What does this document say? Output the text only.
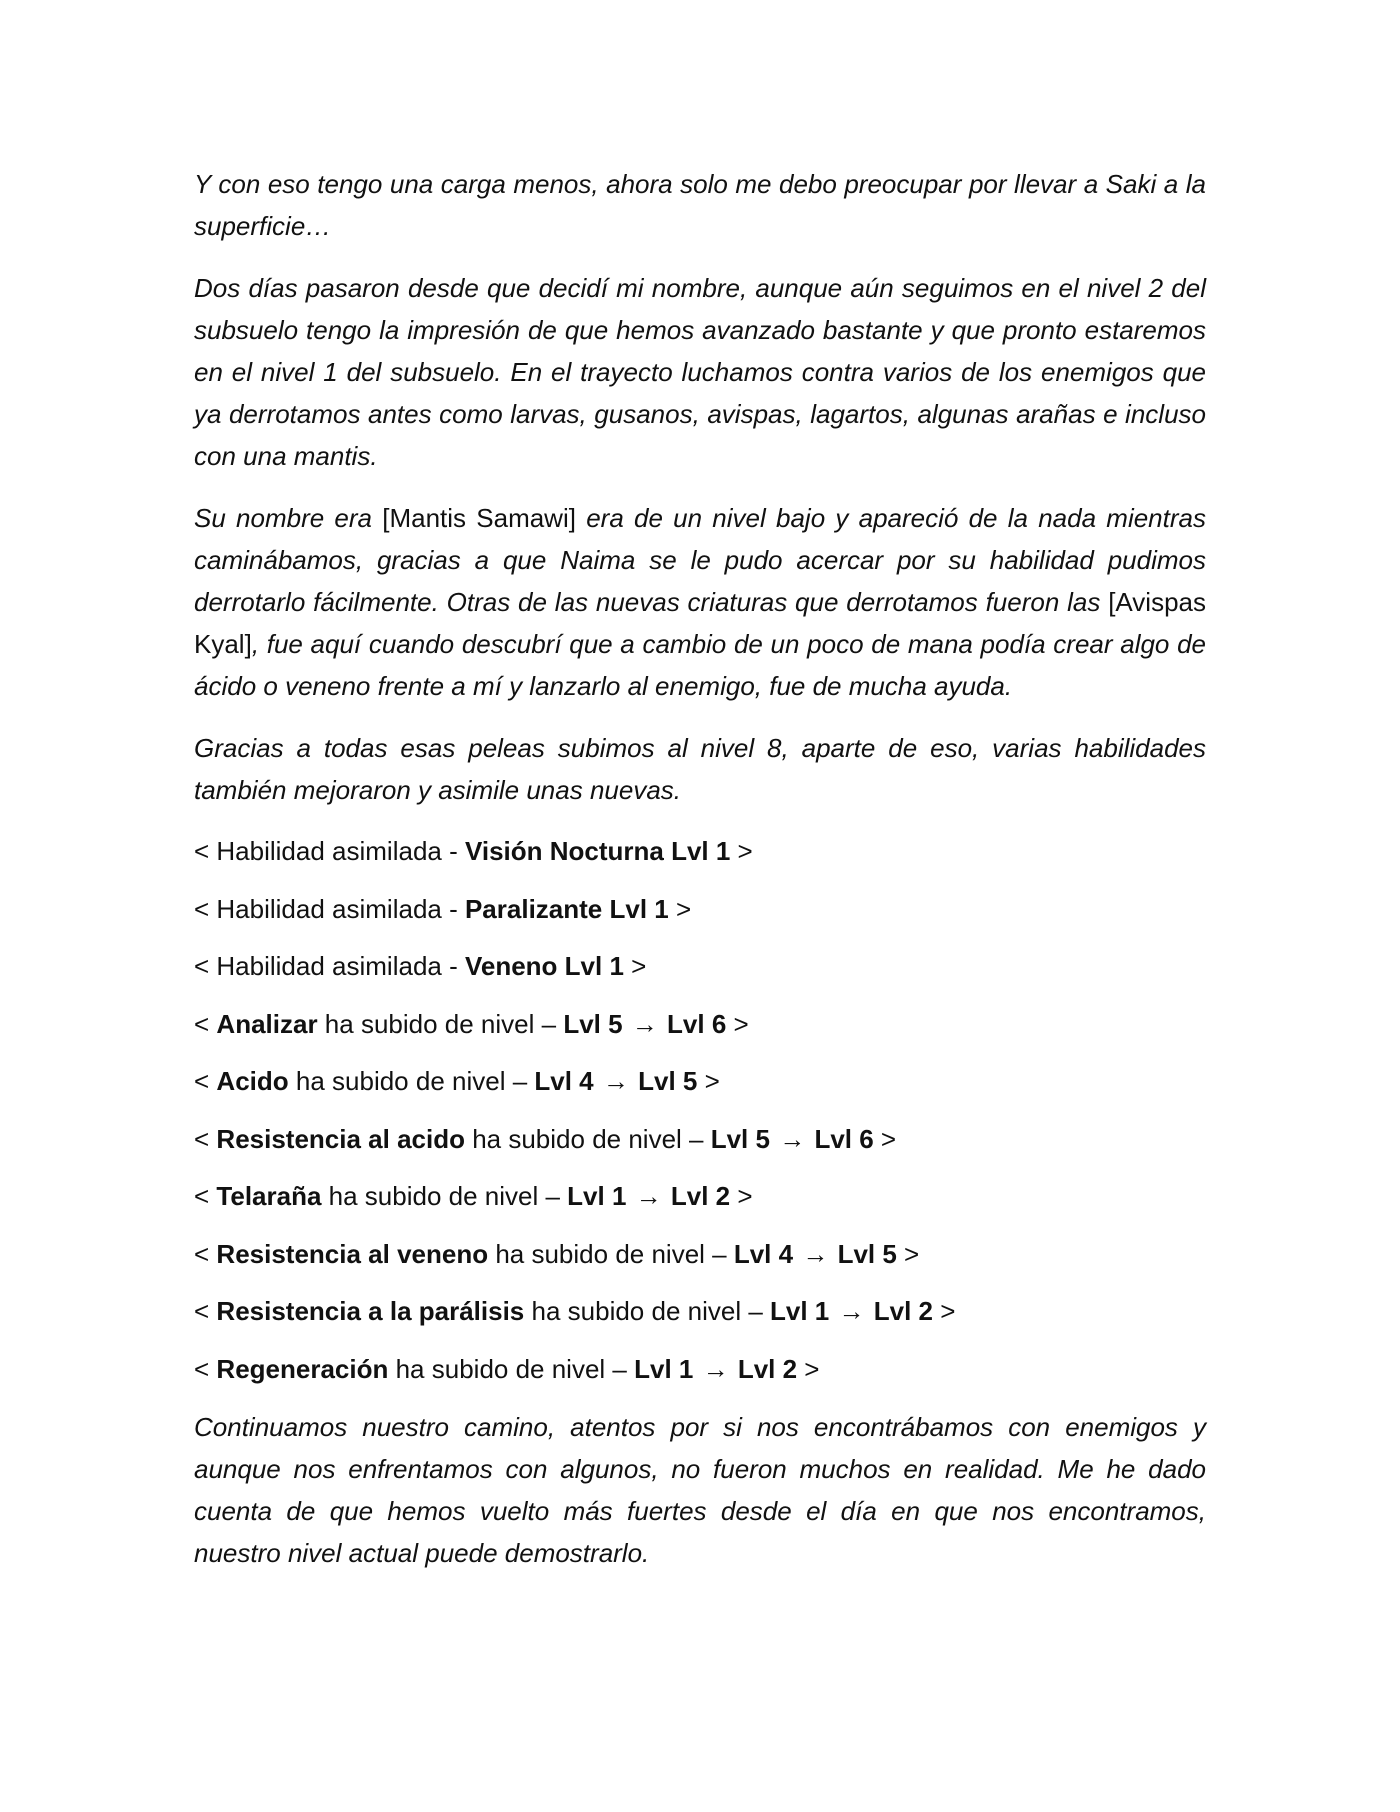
Y con eso tengo una carga menos, ahora solo me debo preocupar por llevar a Saki a la superficie…

Dos días pasaron desde que decidí mi nombre, aunque aún seguimos en el nivel 2 del subsuelo tengo la impresión de que hemos avanzado bastante y que pronto estaremos en el nivel 1 del subsuelo. En el trayecto luchamos contra varios de los enemigos que ya derrotamos antes como larvas, gusanos, avispas, lagartos, algunas arañas e incluso con una mantis.

Su nombre era [Mantis Samawi] era de un nivel bajo y apareció de la nada mientras caminábamos, gracias a que Naima se le pudo acercar por su habilidad pudimos derrotarlo fácilmente. Otras de las nuevas criaturas que derrotamos fueron las [Avispas Kyal], fue aquí cuando descubrí que a cambio de un poco de mana podía crear algo de ácido o veneno frente a mí y lanzarlo al enemigo, fue de mucha ayuda.

Gracias a todas esas peleas subimos al nivel 8, aparte de eso, varias habilidades también mejoraron y asimile unas nuevas.

< Habilidad asimilada - Visión Nocturna Lvl 1 >
< Habilidad asimilada - Paralizante Lvl 1 >
< Habilidad asimilada - Veneno Lvl 1 >
< Analizar ha subido de nivel – Lvl 5 → Lvl 6 >
< Acido ha subido de nivel – Lvl 4 → Lvl 5 >
< Resistencia al acido ha subido de nivel – Lvl 5 → Lvl 6 >
< Telaraña ha subido de nivel – Lvl 1 → Lvl 2 >
< Resistencia al veneno ha subido de nivel – Lvl 4 → Lvl 5 >
< Resistencia a la parálisis ha subido de nivel – Lvl 1 → Lvl 2 >
< Regeneración ha subido de nivel – Lvl 1 → Lvl 2 >

Continuamos nuestro camino, atentos por si nos encontrábamos con enemigos y aunque nos enfrentamos con algunos, no fueron muchos en realidad. Me he dado cuenta de que hemos vuelto más fuertes desde el día en que nos encontramos, nuestro nivel actual puede demostrarlo.
